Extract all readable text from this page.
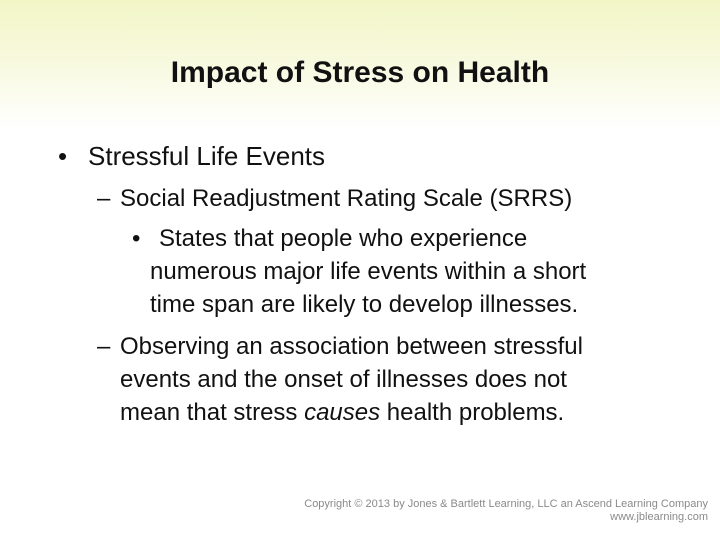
Impact of Stress on Health
• Stressful Life Events
– Social Readjustment Rating Scale (SRRS)
• States that people who experience
numerous major life events within a short
time span are likely to develop illnesses.
– Observing an association between stressful
events and the onset of illnesses does not
mean that stress causes health problems.
Copyright © 2013 by Jones & Bartlett Learning, LLC an Ascend Learning Company
www.jblearning.com
